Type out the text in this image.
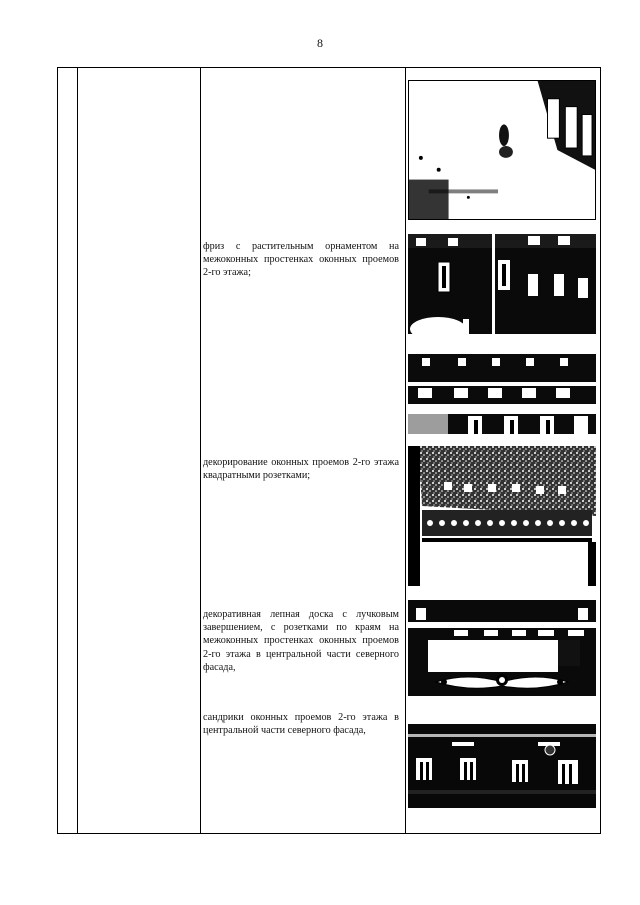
8
фриз с растительным орнаментом на межоконных простенках оконных проемов 2-го этажа;
декорирование оконных проемов 2-го этажа квадратными розетками;
декоративная лепная доска с лучковым завершением, с розетками по краям на межоконных простенках оконных проемов 2-го этажа в центральной части северного фасада,
сандрики оконных проемов 2-го этажа в центральной части северного фасада,
